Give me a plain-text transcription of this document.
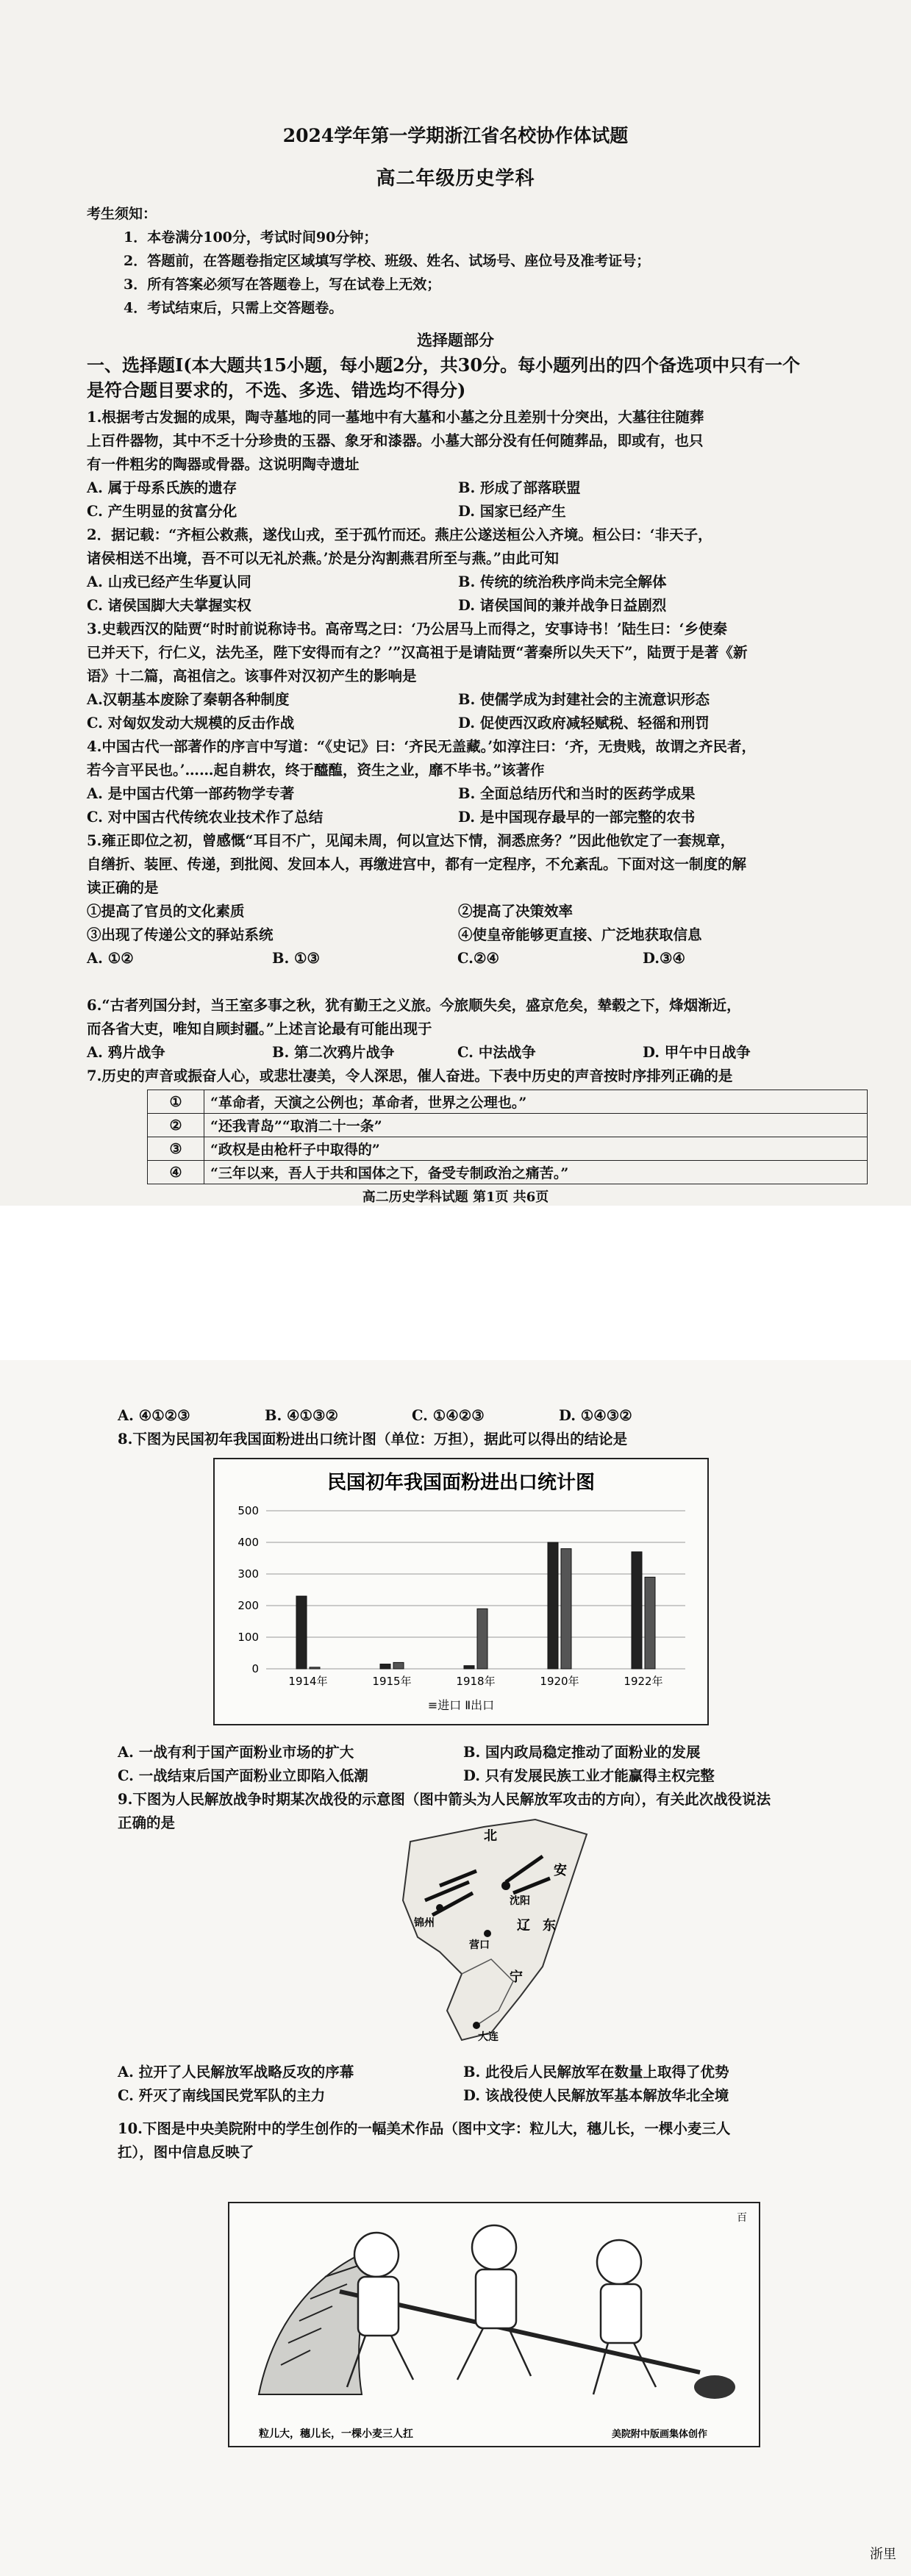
2024学年第一学期浙江省名校协作体试题
高二年级历史学科
考生须知：
1．本卷满分100分，考试时间90分钟；
2．答题前，在答题卷指定区域填写学校、班级、姓名、试场号、座位号及准考证号；
3．所有答案必须写在答题卷上，写在试卷上无效；
4．考试结束后，只需上交答题卷。
选择题部分
一、选择题Ⅰ(本大题共15小题，每小题2分，共30分。每小题列出的四个备选项中只有一个
是符合题目要求的，不选、多选、错选均不得分)
1.根据考古发掘的成果，陶寺墓地的同一墓地中有大墓和小墓之分且差别十分突出，大墓往往随葬
上百件器物，其中不乏十分珍贵的玉器、象牙和漆器。小墓大部分没有任何随葬品，即或有，也只
有一件粗劣的陶器或骨器。这说明陶寺遗址
A. 属于母系氏族的遗存	B. 形成了部落联盟
C. 产生明显的贫富分化	D. 国家已经产生
2．据记载：“齐桓公救燕，遂伐山戎，至于孤竹而还。燕庄公遂送桓公入齐境。桓公曰：‘非天子，
诸侯相送不出境，吾不可以无礼於燕。’於是分沟割燕君所至与燕。”由此可知
A. 山戎已经产生华夏认同	B. 传统的统治秩序尚未完全解体
C. 诸侯国脚大夫掌握实权	D. 诸侯国间的兼并战争日益剧烈
3.史载西汉的陆贾“时时前说称诗书。高帝骂之曰：‘乃公居马上而得之，安事诗书！’陆生曰：‘乡使秦
已并天下，行仁义，法先圣，陛下安得而有之？’”汉高祖于是请陆贾“著秦所以失天下”，陆贾于是著《新
语》十二篇，高祖信之。该事件对汉初产生的影响是
A.汉朝基本废除了秦朝各种制度	B. 使儒学成为封建社会的主流意识形态
C. 对匈奴发动大规模的反击作战	D. 促使西汉政府减轻赋税、轻徭和刑罚
4.中国古代一部著作的序言中写道：“《史记》曰：‘齐民无盖藏。’如淳注曰：‘齐，无贵贱，故谓之齐民者，
若今言平民也。’……起自耕农，终于醯醢，资生之业，靡不毕书。”该著作
A. 是中国古代第一部药物学专著	B. 全面总结历代和当时的医药学成果
C. 对中国古代传统农业技术作了总结	D. 是中国现存最早的一部完整的农书
5.雍正即位之初，曾感慨“耳目不广，见闻未周，何以宣达下情，洞悉庶务？”因此他钦定了一套规章，
自缮折、装匣、传递，到批阅、发回本人，再缴进宫中，都有一定程序，不允紊乱。下面对这一制度的解
读正确的是
①提高了官员的文化素质	②提高了决策效率
③出现了传递公文的驿站系统	④使皇帝能够更直接、广泛地获取信息
A. ①②	B. ①③	C.②④	D.③④
6.“古者列国分封，当王室多事之秋，犹有勤王之义旅。今旅顺失矣，盛京危矣，辇毂之下，烽烟渐近，
而各省大吏，唯知自顾封疆。”上述言论最有可能出现于
A. 鸦片战争	B. 第二次鸦片战争	C. 中法战争	D. 甲午中日战争
7.历史的声音或振奋人心，或悲壮凄美，令人深思，催人奋进。下表中历史的声音按时序排列正确的是
①	“革命者，天演之公例也；革命者，世界之公理也。”
②	“还我青岛”“取消二十一条”
③	“政权是由枪杆子中取得的”
④	“三年以来，吾人于共和国体之下，备受专制政治之痛苦。”
高二历史学科试题 第1页 共6页
A. ④①②③	B. ④①③②	C. ①④②③	D. ①④③②
8.下图为民国初年我国面粉进出口统计图（单位：万担），据此可以得出的结论是
民国初年我国面粉进出口统计图
0
100
200
300
400
500
1914年	1915年	1918年	1920年	1922年
≡进口 Ⅱ出口
A. 一战有利于国产面粉业市场的扩大	B. 国内政局稳定推动了面粉业的发展
C. 一战结束后国产面粉业立即陷入低潮	D. 只有发展民族工业才能赢得主权完整
9.下图为人民解放战争时期某次战役的示意图（图中箭头为人民解放军攻击的方向），有关此次战役说法
正确的是
北
安
沈阳
锦州
营口
辽 东
宁
大连
A. 拉开了人民解放军战略反攻的序幕	B. 此役后人民解放军在数量上取得了优势
C. 歼灭了南线国民党军队的主力	D. 该战役使人民解放军基本解放华北全境
10.下图是中央美院附中的学生创作的一幅美术作品（图中文字：粒儿大，穗儿长，一棵小麦三人
扛），图中信息反映了
粒儿大，穗儿长，一棵小麦三人扛	美院附中版画集体创作
百
浙里
